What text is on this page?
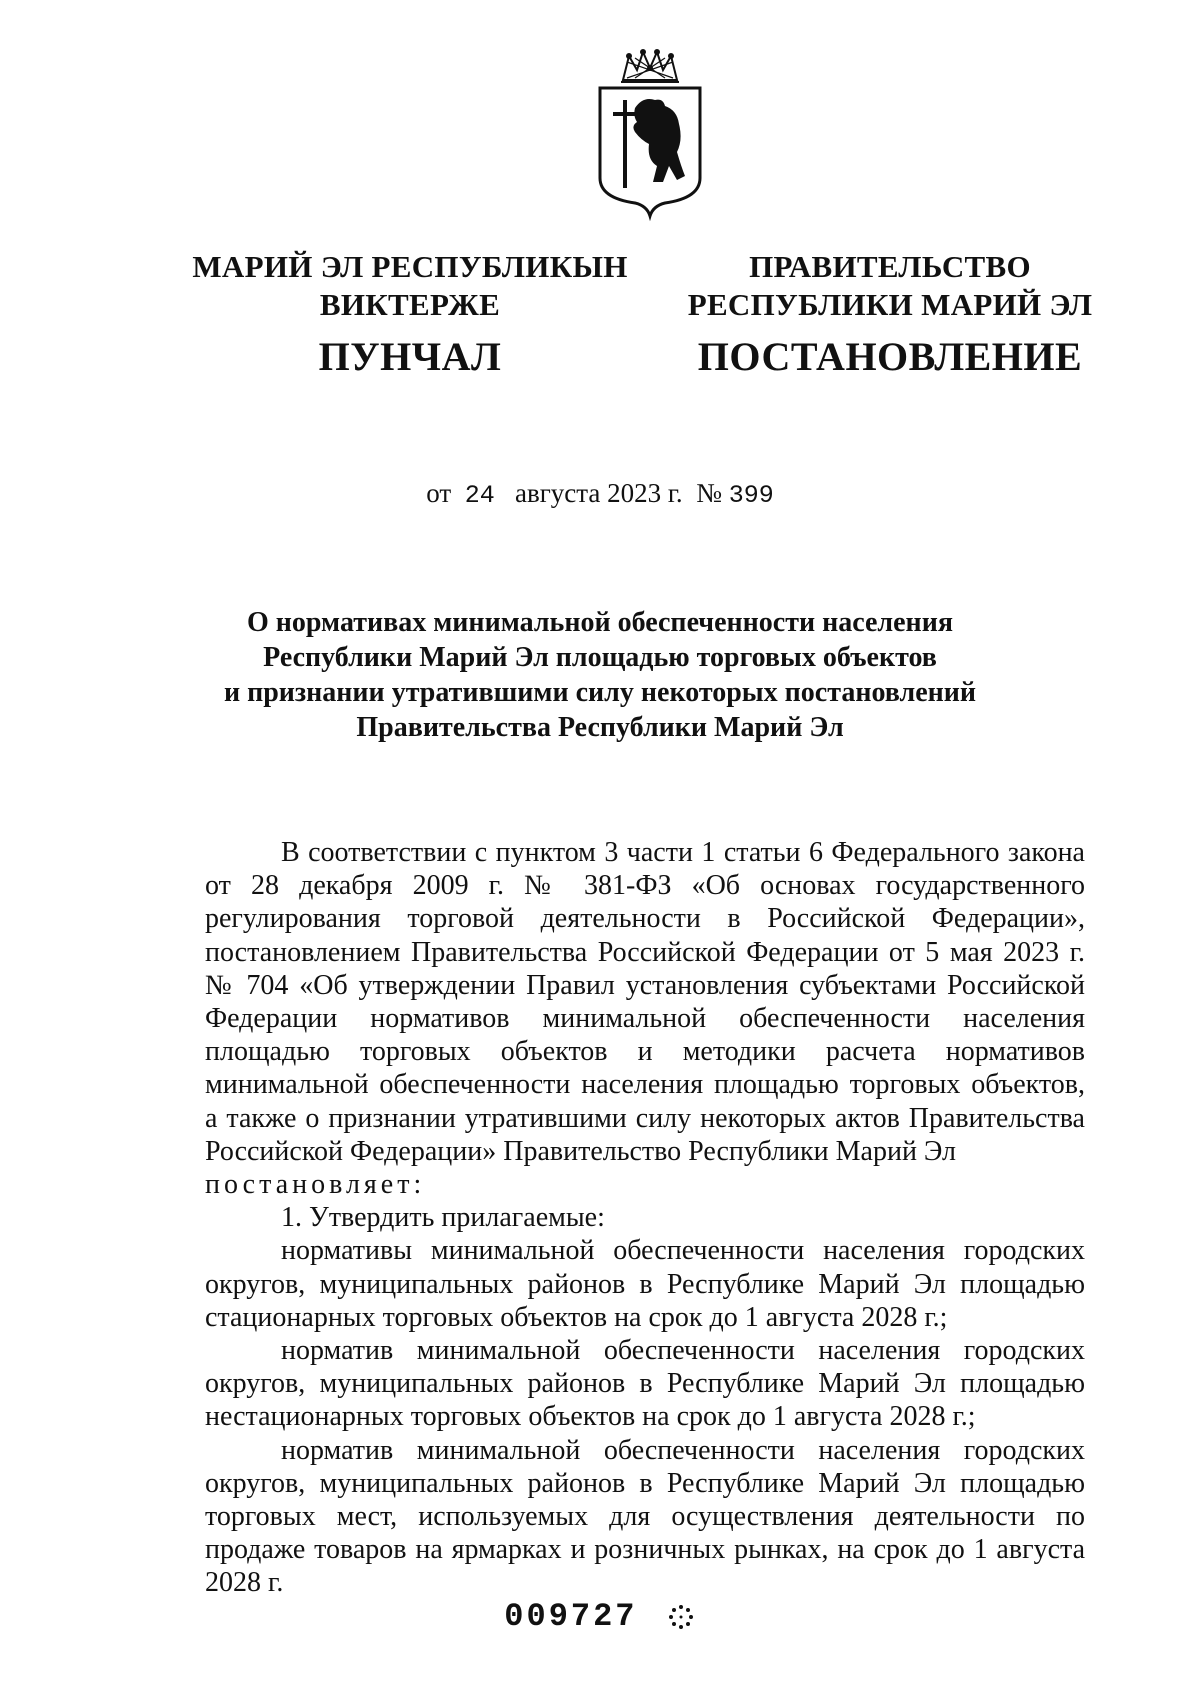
МАРИЙ ЭЛ РЕСПУБЛИКЫН
ВИКТЕРЖЕ
ПУНЧАЛ
ПРАВИТЕЛЬСТВО
РЕСПУБЛИКИ МАРИЙ ЭЛ
ПОСТАНОВЛЕНИЕ
от 24 августа 2023 г. № 399
О нормативах минимальной обеспеченности населения
Республики Марий Эл площадью торговых объектов
и признании утратившими силу некоторых постановлений
Правительства Республики Марий Эл

В соответствии с пунктом 3 части 1 статьи 6 Федерального закона от 28 декабря 2009 г. № 381-ФЗ «Об основах государственного регулирования торговой деятельности в Российской Федерации», постановлением Правительства Российской Федерации от 5 мая 2023 г. № 704 «Об утверждении Правил установления субъектами Российской Федерации нормативов минимальной обеспеченности населения площадью торговых объектов и методики расчета нормативов минимальной обеспеченности населения площадью торговых объектов, а также о признании утратившими силу некоторых актов Правительства Российской Федерации» Правительство Республики Марий Эл

постановляет:

1. Утвердить прилагаемые:

нормативы минимальной обеспеченности населения городских округов, муниципальных районов в Республике Марий Эл площадью стационарных торговых объектов на срок до 1 августа 2028 г.;

норматив минимальной обеспеченности населения городских округов, муниципальных районов в Республике Марий Эл площадью нестационарных торговых объектов на срок до 1 августа 2028 г.;

норматив минимальной обеспеченности населения городских округов, муниципальных районов в Республике Марий Эл площадью торговых мест, используемых для осуществления деятельности по продаже товаров на ярмарках и розничных рынках, на срок до 1 августа 2028 г.

009727
